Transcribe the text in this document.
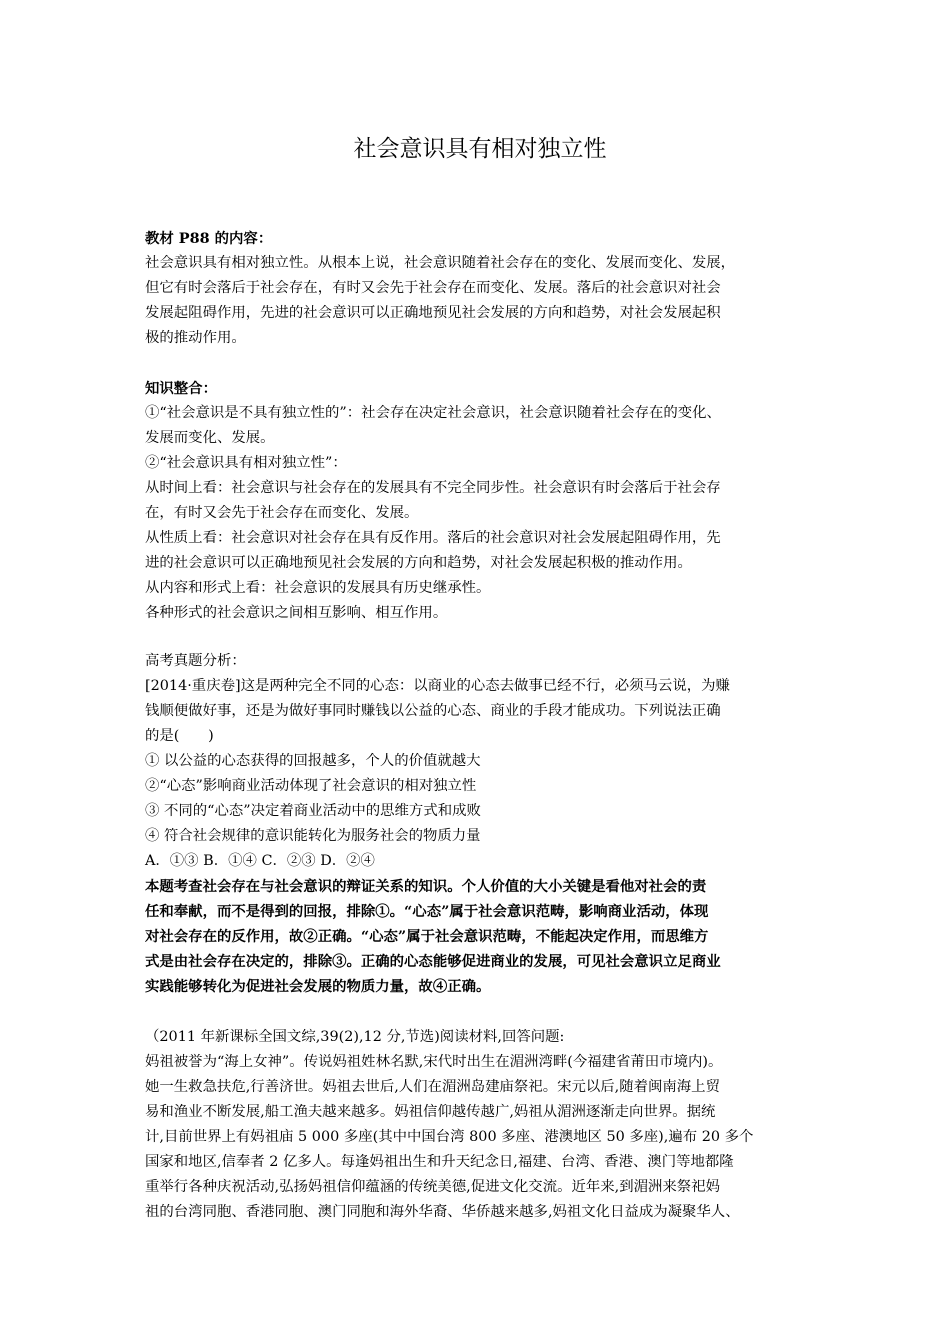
社会意识具有相对独立性
教材 P88 的内容：
社会意识具有相对独立性。从根本上说，社会意识随着社会存在的变化、发展而变化、发展，
但它有时会落后于社会存在，有时又会先于社会存在而变化、发展。落后的社会意识对社会
发展起阻碍作用，先进的社会意识可以正确地预见社会发展的方向和趋势，对社会发展起积
极的推动作用。
知识整合：
①“社会意识是不具有独立性的”：社会存在决定社会意识，社会意识随着社会存在的变化、
发展而变化、发展。
②“社会意识具有相对独立性”：
从时间上看：社会意识与社会存在的发展具有不完全同步性。社会意识有时会落后于社会存
在，有时又会先于社会存在而变化、发展。
从性质上看：社会意识对社会存在具有反作用。落后的社会意识对社会发展起阻碍作用，先
进的社会意识可以正确地预见社会发展的方向和趋势，对社会发展起积极的推动作用。
从内容和形式上看：社会意识的发展具有历史继承性。
各种形式的社会意识之间相互影响、相互作用。
高考真题分析：
[2014·重庆卷]这是两种完全不同的心态：以商业的心态去做事已经不行，必须马云说，为赚
钱顺便做好事，还是为做好事同时赚钱以公益的心态、商业的手段才能成功。下列说法正确
的是(　　)
① 以公益的心态获得的回报越多，个人的价值就越大
②“心态”影响商业活动体现了社会意识的相对独立性
③ 不同的“心态”决定着商业活动中的思维方式和成败
④ 符合社会规律的意识能转化为服务社会的物质力量
A．①③ B．①④ C．②③ D．②④
本题考查社会存在与社会意识的辩证关系的知识。个人价值的大小关键是看他对社会的责
任和奉献，而不是得到的回报，排除①。“心态”属于社会意识范畴，影响商业活动，体现
对社会存在的反作用，故②正确。“心态”属于社会意识范畴，不能起决定作用，而思维方
式是由社会存在决定的，排除③。正确的心态能够促进商业的发展，可见社会意识立足商业
实践能够转化为促进社会发展的物质力量，故④正确。
（2011 年新课标全国文综,39(2),12 分,节选)阅读材料,回答问题:
妈祖被誉为“海上女神”。传说妈祖姓林名默,宋代时出生在湄洲湾畔(今福建省莆田市境内)。
她一生救急扶危,行善济世。妈祖去世后,人们在湄洲岛建庙祭祀。宋元以后,随着闽南海上贸
易和渔业不断发展,船工渔夫越来越多。妈祖信仰越传越广,妈祖从湄洲逐渐走向世界。据统
计,目前世界上有妈祖庙 5 000 多座(其中中国台湾 800 多座、港澳地区 50 多座),遍布 20 多个
国家和地区,信奉者 2 亿多人。每逢妈祖出生和升天纪念日,福建、台湾、香港、澳门等地都隆
重举行各种庆祝活动,弘扬妈祖信仰蕴涵的传统美德,促进文化交流。近年来,到湄洲来祭祀妈
祖的台湾同胞、香港同胞、澳门同胞和海外华裔、华侨越来越多,妈祖文化日益成为凝聚华人、
